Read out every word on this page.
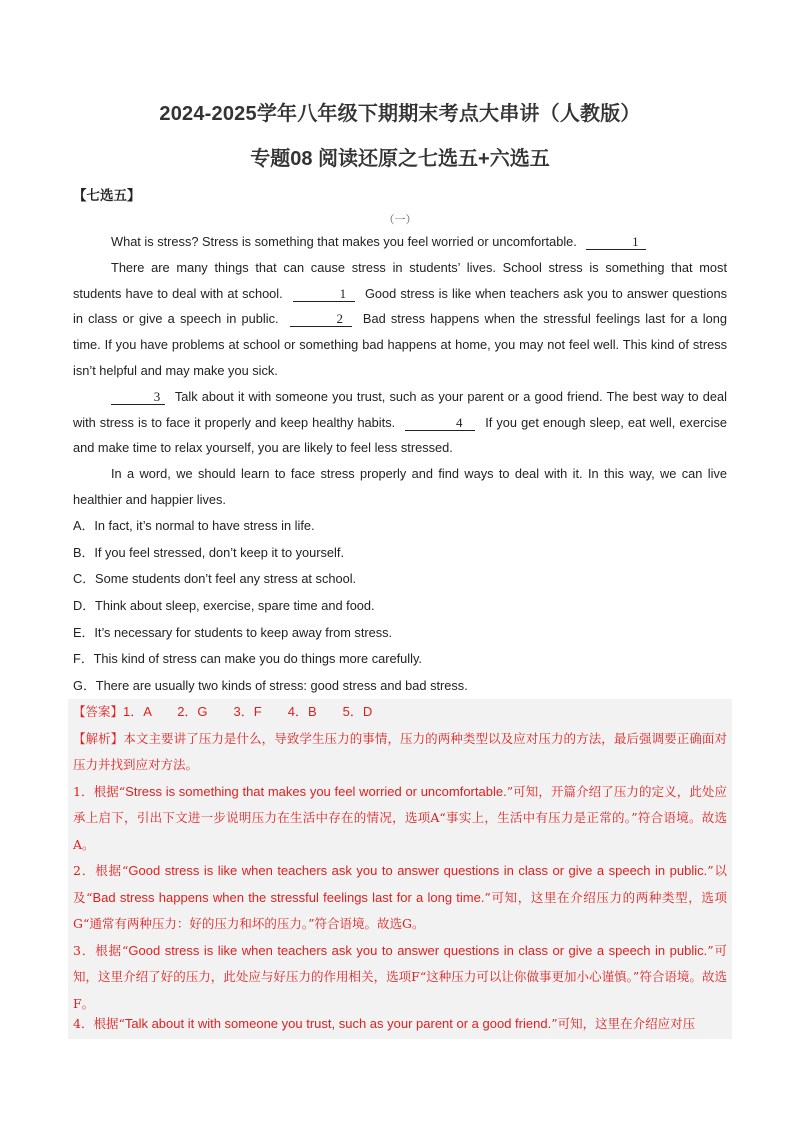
2024-2025学年八年级下期期末考点大串讲（人教版）
专题08 阅读还原之七选五+六选五
【七选五】
（一）
What is stress? Stress is something that makes you feel worried or uncomfortable.	1
There are many things that can cause stress in students’ lives. School stress is something that most students have to deal with at school.	1 Good stress is like when teachers ask you to answer questions in class or give a speech in public.	2 Bad stress happens when the stressful feelings last for a long time. If you have problems at school or something bad happens at home, you may not feel well. This kind of stress isn’t helpful and may make you sick.
3 Talk about it with someone you trust, such as your parent or a good friend. The best way to deal with stress is to face it properly and keep healthy habits.	4 If you get enough sleep, eat well, exercise and make time to relax yourself, you are likely to feel less stressed.
In a word, we should learn to face stress properly and find ways to deal with it. In this way, we can live healthier and happier lives.
A．In fact, it’s normal to have stress in life.
B．If you feel stressed, don’t keep it to yourself.
C．Some students don’t feel any stress at school.
D．Think about sleep, exercise, spare time and food.
E．It’s necessary for students to keep away from stress.
F．This kind of stress can make you do things more carefully.
G．There are usually two kinds of stress: good stress and bad stress.
【答案】1．A　　2．G　　3．F　　4．B　　5．D
【解析】本文主要讲了压力是什么，导致学生压力的事情，压力的两种类型以及应对压力的方法，最后强调要正确面对压力并找到应对方法。
1．根据“Stress is something that makes you feel worried or uncomfortable.”可知，开篇介绍了压力的定义，此处应承上启下，引出下文进一步说明压力在生活中存在的情况，选项A“事实上，生活中有压力是正常的。”符合语境。故选A。
2．根据“Good stress is like when teachers ask you to answer questions in class or give a speech in public.”以及“Bad stress happens when the stressful feelings last for a long time.”可知，这里在介绍压力的两种类型，选项G“通常有两种压力：好的压力和坏的压力。”符合语境。故选G。
3．根据“Good stress is like when teachers ask you to answer questions in class or give a speech in public.”可知，这里介绍了好的压力，此处应与好压力的作用相关，选项F“这种压力可以让你做事更加小心谨慎。”符合语境。故选F。
4．根据“Talk about it with someone you trust, such as your parent or a good friend.”可知，这里在介绍应对压
